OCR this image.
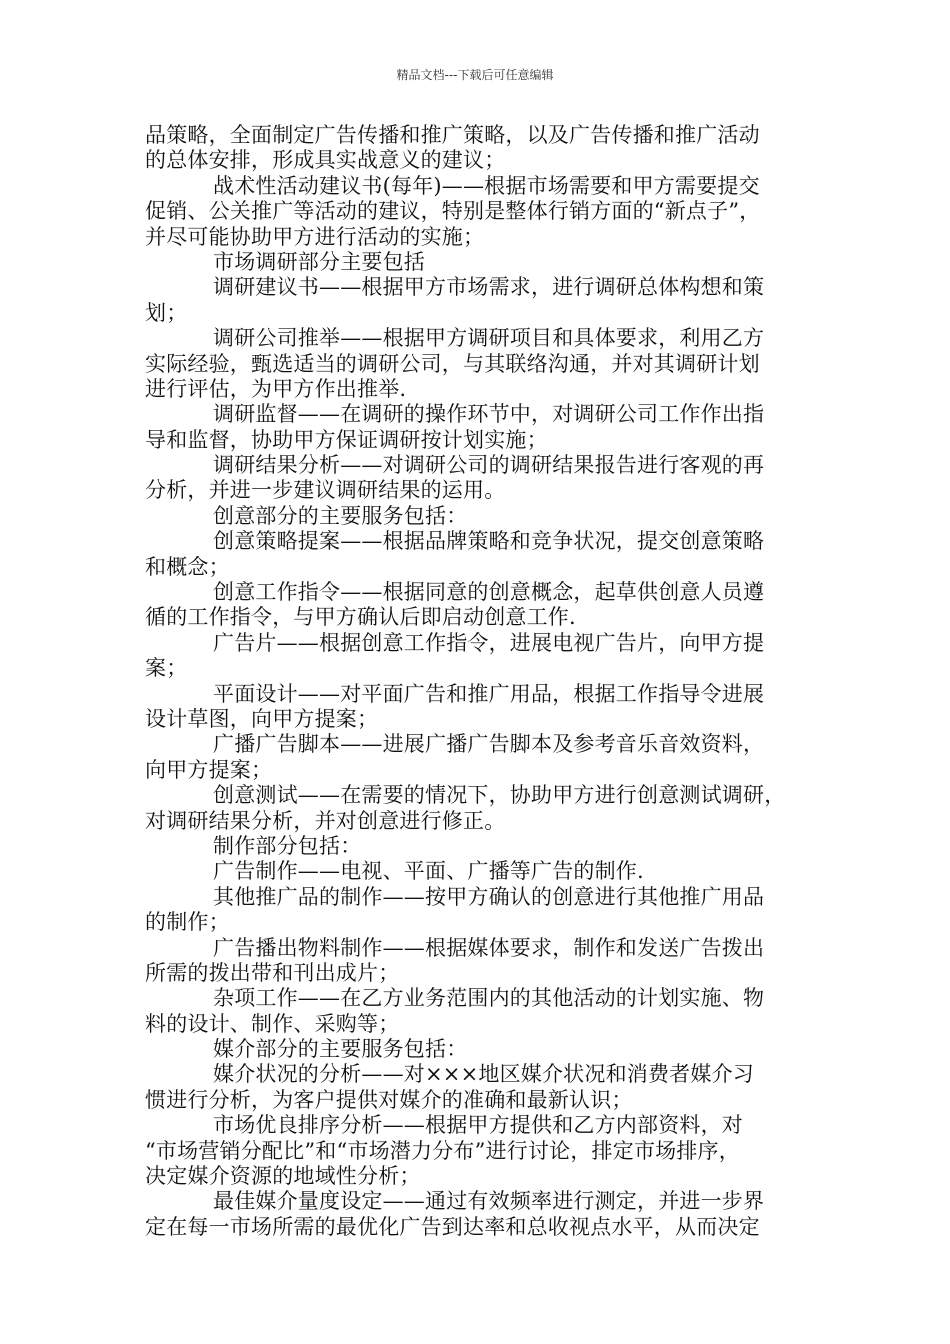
精品文档---下载后可任意编辑
品策略，全面制定广告传播和推广策略，以及广告传播和推广活动
的总体安排，形成具实战意义的建议；
战术性活动建议书(每年)——根据市场需要和甲方需要提交
促销、公关推广等活动的建议，特别是整体行销方面的“新点子”，
并尽可能协助甲方进行活动的实施；
市场调研部分主要包括
调研建议书——根据甲方市场需求，进行调研总体构想和策
划；
调研公司推举——根据甲方调研项目和具体要求，利用乙方
实际经验，甄选适当的调研公司，与其联络沟通，并对其调研计划
进行评估，为甲方作出推举.
调研监督——在调研的操作环节中，对调研公司工作作出指
导和监督，协助甲方保证调研按计划实施；
调研结果分析——对调研公司的调研结果报告进行客观的再
分析，并进一步建议调研结果的运用。
创意部分的主要服务包括：
创意策略提案——根据品牌策略和竞争状况，提交创意策略
和概念；
创意工作指令——根据同意的创意概念，起草供创意人员遵
循的工作指令，与甲方确认后即启动创意工作.
广告片——根据创意工作指令，进展电视广告片，向甲方提
案；
平面设计——对平面广告和推广用品，根据工作指导令进展
设计草图，向甲方提案；
广播广告脚本——进展广播广告脚本及参考音乐音效资料，
向甲方提案；
创意测试——在需要的情况下，协助甲方进行创意测试调研，
对调研结果分析，并对创意进行修正。
制作部分包括：
广告制作——电视、平面、广播等广告的制作.
其他推广品的制作——按甲方确认的创意进行其他推广用品
的制作；
广告播出物料制作——根据媒体要求，制作和发送广告拨出
所需的拨出带和刊出成片；
杂项工作——在乙方业务范围内的其他活动的计划实施、物
料的设计、制作、采购等；
媒介部分的主要服务包括：
媒介状况的分析——对×××地区媒介状况和消费者媒介习
惯进行分析，为客户提供对媒介的准确和最新认识；
市场优良排序分析——根据甲方提供和乙方内部资料，对
“市场营销分配比”和“市场潜力分布”进行讨论，排定市场排序，
决定媒介资源的地域性分析；
最佳媒介量度设定——通过有效频率进行测定，并进一步界
定在每一市场所需的最优化广告到达率和总收视点水平，从而决定
